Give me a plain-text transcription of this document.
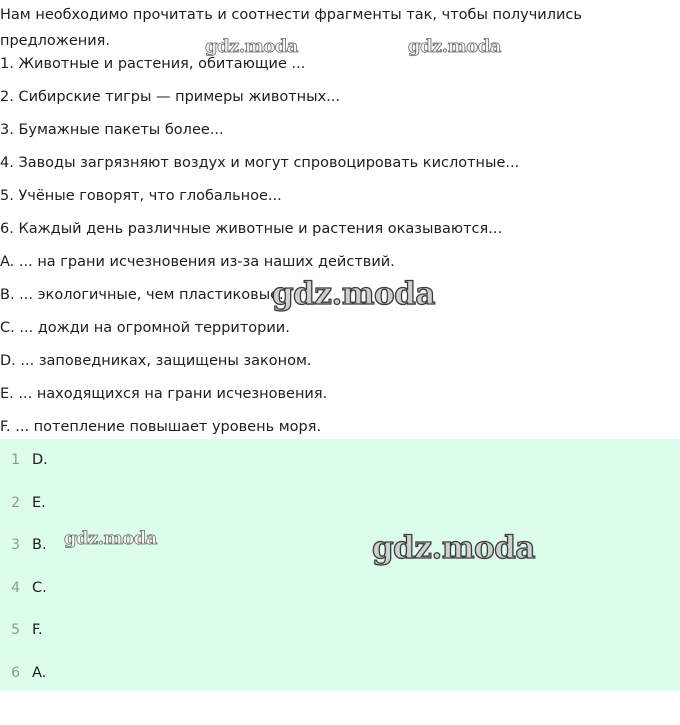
Нам необходимо прочитать и соотнести фрагменты так, чтобы получились предложения.

1. Животные и растения, обитающие ...
2. Сибирские тигры — примеры животных...
3. Бумажные пакеты более...
4. Заводы загрязняют воздух и могут спровоцировать кислотные...
5. Учёные говорят, что глобальное...
6. Каждый день различные животные и растения оказываются...
A. ... на грани исчезновения из-за наших действий.
B. ... экологичные, чем пластиковые.
C. ... дожди на огромной территории.
D. ... заповедниках, защищены законом.
E. ... находящихся на грани исчезновения.
F. ... потепление повышает уровень моря.
1 D.
2 E.
3 B.
4 C.
5 F.
6 A.
gdz.moda	gdz.moda
gdz.moda
gdz.moda	gdz.moda
